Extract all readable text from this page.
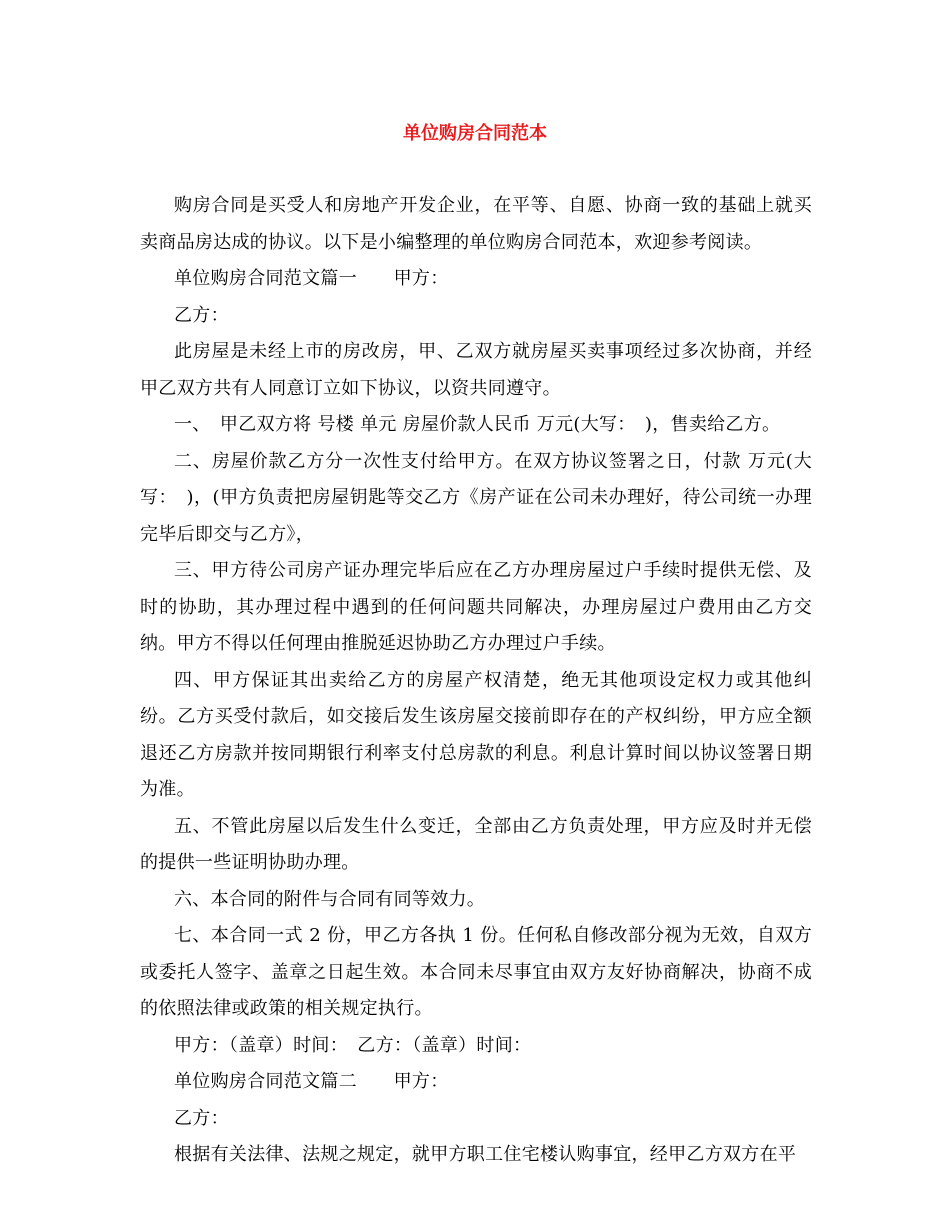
单位购房合同范本

购房合同是买受人和房地产开发企业，在平等、自愿、协商一致的基础上就买卖商品房达成的协议。以下是小编整理的单位购房合同范本，欢迎参考阅读。

单位购房合同范文篇一　　甲方：

乙方：

此房屋是未经上市的房改房，甲、乙双方就房屋买卖事项经过多次协商，并经甲乙双方共有人同意订立如下协议，以资共同遵守。

一、　甲乙双方将 号楼 单元 房屋价款人民币 万元(大写：　)，售卖给乙方。

二、房屋价款乙方分一次性支付给甲方。在双方协议签署之日，付款 万元(大写：　)，(甲方负责把房屋钥匙等交乙方《房产证在公司未办理好，待公司统一办理完毕后即交与乙方》，

三、甲方待公司房产证办理完毕后应在乙方办理房屋过户手续时提供无偿、及时的协助，其办理过程中遇到的任何问题共同解决，办理房屋过户费用由乙方交纳。甲方不得以任何理由推脱延迟协助乙方办理过户手续。

四、甲方保证其出卖给乙方的房屋产权清楚，绝无其他项设定权力或其他纠纷。乙方买受付款后，如交接后发生该房屋交接前即存在的产权纠纷，甲方应全额退还乙方房款并按同期银行利率支付总房款的利息。利息计算时间以协议签署日期为准。

五、不管此房屋以后发生什么变迁，全部由乙方负责处理，甲方应及时并无偿的提供一些证明协助办理。

六、本合同的附件与合同有同等效力。

七、本合同一式 2 份，甲乙方各执 1 份。任何私自修改部分视为无效，自双方或委托人签字、盖章之日起生效。本合同未尽事宜由双方友好协商解决，协商不成的依照法律或政策的相关规定执行。

甲方：（盖章）时间：　乙方：（盖章）时间：

单位购房合同范文篇二　　甲方：

乙方：

根据有关法律、法规之规定，就甲方职工住宅楼认购事宜，经甲乙方双方在平
